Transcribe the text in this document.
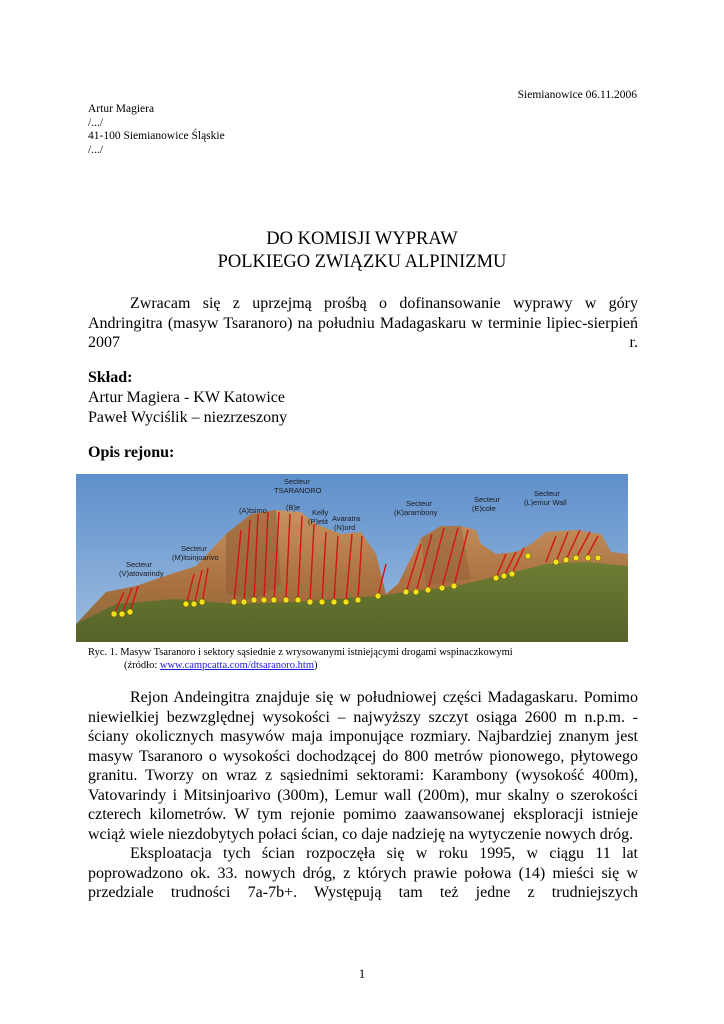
Siemianowice 06.11.2006
Artur Magiera
/.../
41-100 Siemianowice Śląskie
/.../
DO KOMISJI WYPRAW
POLKIEGO ZWIĄZKU ALPINIZMU

Zwracam się z uprzejmą prośbą o dofinansowanie wyprawy w góry Andringitra (masyw Tsaranoro) na południu Madagaskaru w terminie lipiec-sierpień 2007 r.

Skład:
Artur Magiera - KW Katowice
Paweł Wyciślik – niezrzeszony
Opis rejonu:
Secteur
(V)atovarindy
Secteur
(M)itsinjoarivo
(A)tsimo
Secteur
TSARANORO
(B)e
Kelly
(P)etit Avaratra
(N)ord
Secteur
(K)arambony
Secteur
(E)cole
Secteur
(L)emur Wall
Ryc. 1. Masyw Tsaranoro i sektory sąsiednie z wrysowanymi istniejącymi drogami wspinaczkowymi
(źródło: www.campcatta.com/dtsaranoro.htm)

Rejon Andeingitra znajduje się w południowej części Madagaskaru. Pomimo niewielkiej bezwzględnej wysokości – najwyższy szczyt osiąga 2600 m n.p.m. - ściany okolicznych masywów maja imponujące rozmiary. Najbardziej znanym jest masyw Tsaranoro o wysokości dochodzącej do 800 metrów pionowego, płytowego granitu. Tworzy on wraz z sąsiednimi sektorami: Karambony (wysokość 400m), Vatovarindy i Mitsinjoarivo (300m), Lemur wall (200m), mur skalny o szerokości czterech kilometrów. W tym rejonie pomimo zaawansowanej eksploracji istnieje wciąż wiele niezdobytych połaci ścian, co daje nadzieję na wytyczenie nowych dróg.

Eksploatacja tych ścian rozpoczęła się w roku 1995, w ciągu 11 lat poprowadzono ok. 33. nowych dróg, z których prawie połowa (14) mieści się w przedziale trudności 7a-7b+. Występują tam też jedne z trudniejszych

1
